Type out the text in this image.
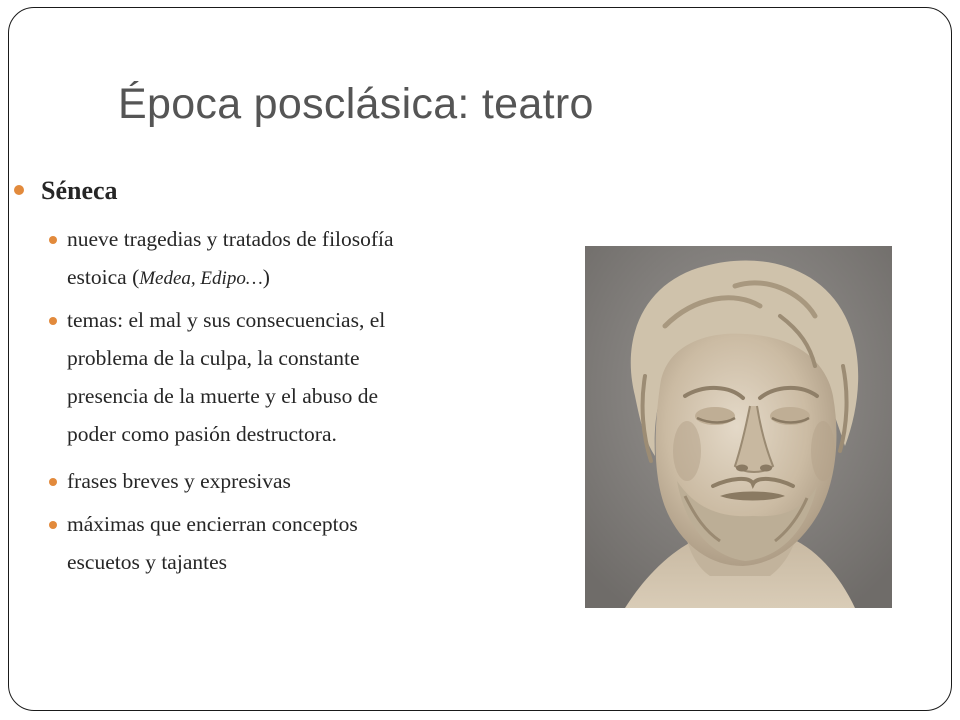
Época posclásica: teatro
Séneca
nueve tragedias y tratados de filosofía
estoica (Medea, Edipo…)
temas: el mal y sus consecuencias, el
problema de la culpa, la constante
presencia de la muerte y el abuso de
poder como pasión destructora.
frases breves y expresivas
máximas que encierran conceptos
escuetos y tajantes
